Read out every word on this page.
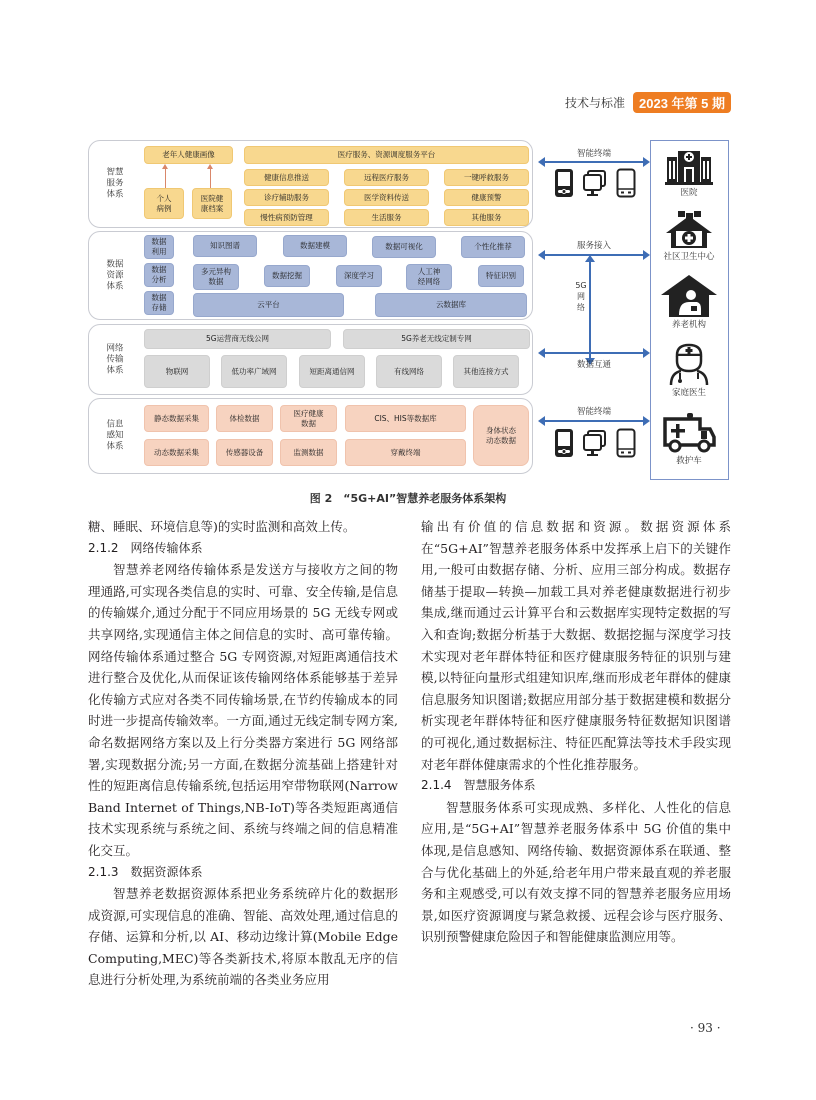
技术与标准	2023 年第 5 期
智慧
服务
体系
老年人健康画像
个人
病例
医院健
康档案
医疗服务、资源调度服务平台
健康信息推送	远程医疗服务	一键呼救服务
诊疗辅助服务	医学资料传送	健康预警
慢性病预防管理	生活服务	其他服务
数据
资源
体系
数据
利用
数据
分析
数据
存储
知识图谱	数据建模	数据可视化	个性化推荐
多元异构
数据
数据挖掘	深度学习	人工神
经网络
特征识别
云平台	云数据库
网络
传输
体系
5G运营商无线公网	5G养老无线定制专网
物联网	低功率广域网	短距离通信网	有线网络	其他连接方式
信息
感知
体系
静态数据采集	体检数据
医疗健康
数据
CIS、HIS等数据库
动态数据采集	传感器设备	监测数据	穿戴终端
身体状态
动态数据
智能终端
服务接入
5G
网
络
数据互通
智能终端
医院
社区卫生中心
养老机构
家庭医生
救护车
图 2　“5G+AI”智慧养老服务体系架构

糖、睡眠、环境信息等)的实时监测和高效上传。

2.1.2　网络传输体系

智慧养老网络传输体系是发送方与接收方之间的物理通路,可实现各类信息的实时、可靠、安全传输,是信息的传输媒介,通过分配于不同应用场景的 5G 无线专网或共享网络,实现通信主体之间信息的实时、高可靠传输。网络传输体系通过整合 5G 专网资源,对短距离通信技术进行整合及优化,从而保证该传输网络体系能够基于差异化传输方式应对各类不同传输场景,在节约传输成本的同时进一步提高传输效率。一方面,通过无线定制专网方案,命名数据网络方案以及上行分类器方案进行 5G 网络部署,实现数据分流;另一方面,在数据分流基础上搭建针对性的短距离信息传输系统,包括运用窄带物联网(Narrow Band Internet of Things,NB-IoT)等各类短距离通信技术实现系统与系统之间、系统与终端之间的信息精准化交互。

2.1.3　数据资源体系

智慧养老数据资源体系把业务系统碎片化的数据形成资源,可实现信息的准确、智能、高效处理,通过信息的存储、运算和分析,以 AI、移动边缘计算(Mobile Edge Computing,MEC)等各类新技术,将原本散乱无序的信息进行分析处理,为系统前端的各类业务应用

输出有价值的信息数据和资源。数据资源体系在“5G+AI”智慧养老服务体系中发挥承上启下的关键作用,一般可由数据存储、分析、应用三部分构成。数据存储基于提取—转换—加载工具对养老健康数据进行初步集成,继而通过云计算平台和云数据库实现特定数据的写入和查询;数据分析基于大数据、数据挖掘与深度学习技术实现对老年群体特征和医疗健康服务特征的识别与建模,以特征向量形式组建知识库,继而形成老年群体的健康信息服务知识图谱;数据应用部分基于数据建模和数据分析实现老年群体特征和医疗健康服务特征数据知识图谱的可视化,通过数据标注、特征匹配算法等技术手段实现对老年群体健康需求的个性化推荐服务。

2.1.4　智慧服务体系

智慧服务体系可实现成熟、多样化、人性化的信息应用,是“5G+AI”智慧养老服务体系中 5G 价值的集中体现,是信息感知、网络传输、数据资源体系在联通、整合与优化基础上的外延,给老年用户带来最直观的养老服务和主观感受,可以有效支撑不同的智慧养老服务应用场景,如医疗资源调度与紧急救援、远程会诊与医疗服务、识别预警健康危险因子和智能健康监测应用等。

· 93 ·
